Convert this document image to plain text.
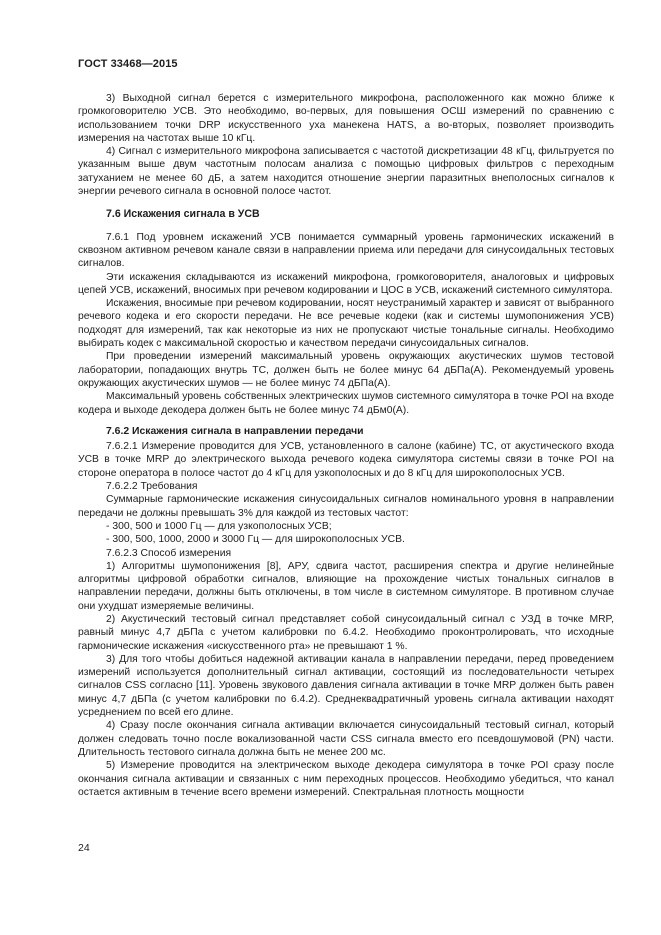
ГОСТ 33468—2015

3) Выходной сигнал берется с измерительного микрофона, расположенного как можно ближе к громкоговорителю УСВ. Это необходимо, во-первых, для повышения ОСШ измерений по сравнению с использованием точки DRP искусственного уха манекена HATS, а во-вторых, позволяет производить измерения на частотах выше 10 кГц.

4) Сигнал с измерительного микрофона записывается с частотой дискретизации 48 кГц, фильтруется по указанным выше двум частотным полосам анализа с помощью цифровых фильтров с переходным затуханием не менее 60 дБ, а затем находится отношение энергии паразитных внеполосных сигналов к энергии речевого сигнала в основной полосе частот.

7.6 Искажения сигнала в УСВ

7.6.1 Под уровнем искажений УСВ понимается суммарный уровень гармонических искажений в сквозном активном речевом канале связи в направлении приема или передачи для синусоидальных тестовых сигналов.

Эти искажения складываются из искажений микрофона, громкоговорителя, аналоговых и цифровых цепей УСВ, искажений, вносимых при речевом кодировании и ЦОС в УСВ, искажений системного симулятора.

Искажения, вносимые при речевом кодировании, носят неустранимый характер и зависят от выбранного речевого кодека и его скорости передачи. Не все речевые кодеки (как и системы шумопонижения УСВ) подходят для измерений, так как некоторые из них не пропускают чистые тональные сигналы. Необходимо выбирать кодек с максимальной скоростью и качеством передачи синусоидальных сигналов.

При проведении измерений максимальный уровень окружающих акустических шумов тестовой лаборатории, попадающих внутрь ТС, должен быть не более минус 64 дБПа(А). Рекомендуемый уровень окружающих акустических шумов — не более минус 74 дБПа(А).

Максимальный уровень собственных электрических шумов системного симулятора в точке POI на входе кодера и выходе декодера должен быть не более минус 74 дБм0(А).

7.6.2 Искажения сигнала в направлении передачи

7.6.2.1 Измерение проводится для УСВ, установленного в салоне (кабине) ТС, от акустического входа УСВ в точке MRP до электрического выхода речевого кодека симулятора системы связи в точке POI на стороне оператора в полосе частот до 4 кГц для узкополосных и до 8 кГц для широкополосных УСВ.

7.6.2.2 Требования

Суммарные гармонические искажения синусоидальных сигналов номинального уровня в направлении передачи не должны превышать 3% для каждой из тестовых частот:

- 300, 500 и 1000 Гц — для узкополосных УСВ;

- 300, 500, 1000, 2000 и 3000 Гц — для широкополосных УСВ.

7.6.2.3 Способ измерения

1) Алгоритмы шумопонижения [8], АРУ, сдвига частот, расширения спектра и другие нелинейные алгоритмы цифровой обработки сигналов, влияющие на прохождение чистых тональных сигналов в направлении передачи, должны быть отключены, в том числе в системном симуляторе. В противном случае они ухудшат измеряемые величины.

2) Акустический тестовый сигнал представляет собой синусоидальный сигнал с УЗД в точке MRP, равный минус 4,7 дБПа с учетом калибровки по 6.4.2. Необходимо проконтролировать, что исходные гармонические искажения «искусственного рта» не превышают 1 %.

3) Для того чтобы добиться надежной активации канала в направлении передачи, перед проведением измерений используется дополнительный сигнал активации, состоящий из последовательности четырех сигналов CSS согласно [11]. Уровень звукового давления сигнала активации в точке MRP должен быть равен минус 4,7 дБПа (с учетом калибровки по 6.4.2). Среднеквадратичный уровень сигнала активации находят усреднением по всей его длине.

4) Сразу после окончания сигнала активации включается синусоидальный тестовый сигнал, который должен следовать точно после вокализованной части CSS сигнала вместо его псевдошумовой (PN) части. Длительность тестового сигнала должна быть не менее 200 мс.

5) Измерение проводится на электрическом выходе декодера симулятора в точке POI сразу после окончания сигнала активации и связанных с ним переходных процессов. Необходимо убедиться, что канал остается активным в течение всего времени измерений. Спектральная плотность мощности

24
